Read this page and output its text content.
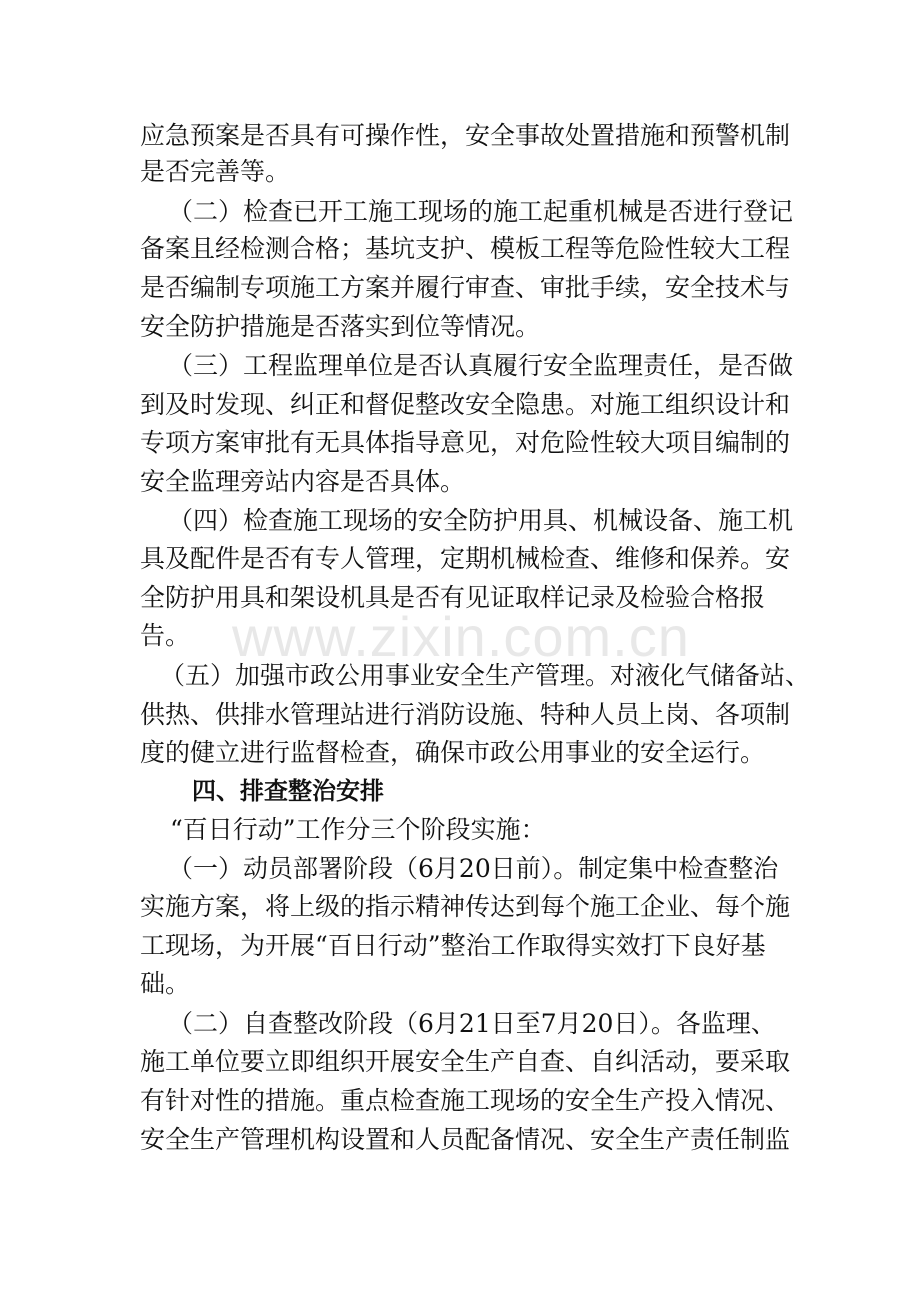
应急预案是否具有可操作性，安全事故处置措施和预警机制
是否完善等。
（二）检查已开工施工现场的施工起重机械是否进行登记
备案且经检测合格；基坑支护、模板工程等危险性较大工程
是否编制专项施工方案并履行审查、审批手续，安全技术与
安全防护措施是否落实到位等情况。
（三）工程监理单位是否认真履行安全监理责任，是否做
到及时发现、纠正和督促整改安全隐患。对施工组织设计和
专项方案审批有无具体指导意见，对危险性较大项目编制的
安全监理旁站内容是否具体。
（四）检查施工现场的安全防护用具、机械设备、施工机
具及配件是否有专人管理，定期机械检查、维修和保养。安
全防护用具和架设机具是否有见证取样记录及检验合格报
告。
（五）加强市政公用事业安全生产管理。对液化气储备站、
供热、供排水管理站进行消防设施、特种人员上岗、各项制
度的健立进行监督检查，确保市政公用事业的安全运行。
四、排查整治安排
“百日行动”工作分三个阶段实施：
（一）动员部署阶段（6月20日前）。制定集中检查整治
实施方案，将上级的指示精神传达到每个施工企业、每个施
工现场，为开展“百日行动”整治工作取得实效打下良好基
础。
（二）自查整改阶段（6月21日至7月20日）。各监理、
施工单位要立即组织开展安全生产自查、自纠活动，要采取
有针对性的措施。重点检查施工现场的安全生产投入情况、
安全生产管理机构设置和人员配备情况、安全生产责任制监
www.zixin.com.cn
